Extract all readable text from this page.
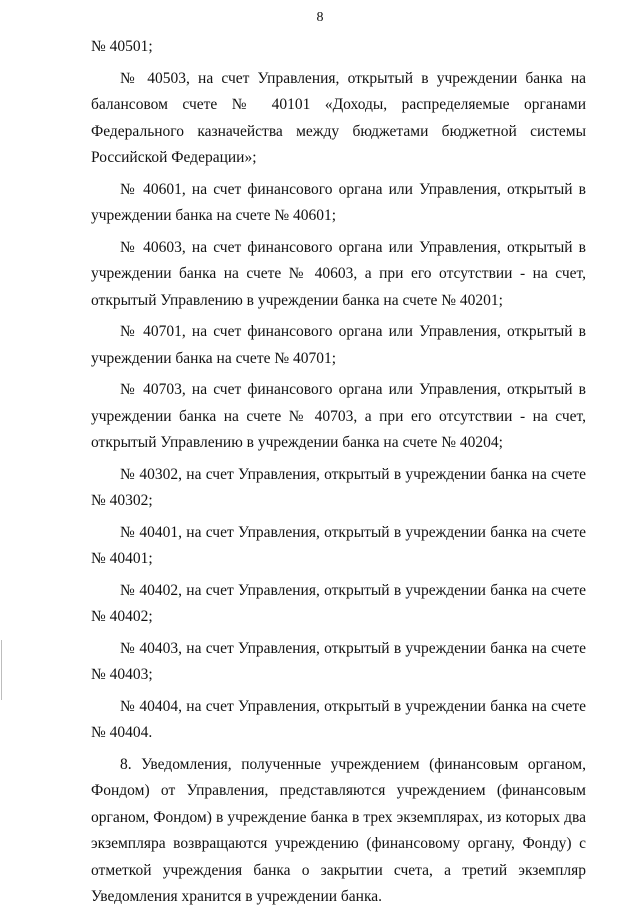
8

№ 40501;

№ 40503, на счет Управления, открытый в учреждении банка на балансовом счете № 40101 «Доходы, распределяемые органами Федерального казначейства между бюджетами бюджетной системы Российской Федерации»;

№ 40601, на счет финансового органа или Управления, открытый в учреждении банка на счете № 40601;

№ 40603, на счет финансового органа или Управления, открытый в учреждении банка на счете № 40603, а при его отсутствии - на счет, открытый Управлению в учреждении банка на счете № 40201;

№ 40701, на счет финансового органа или Управления, открытый в учреждении банка на счете № 40701;

№ 40703, на счет финансового органа или Управления, открытый в учреждении банка на счете № 40703, а при его отсутствии - на счет, открытый Управлению в учреждении банка на счете № 40204;

№ 40302, на счет Управления, открытый в учреждении банка на счете № 40302;

№ 40401, на счет Управления, открытый в учреждении банка на счете № 40401;

№ 40402, на счет Управления, открытый в учреждении банка на счете № 40402;

№ 40403, на счет Управления, открытый в учреждении банка на счете № 40403;

№ 40404, на счет Управления, открытый в учреждении банка на счете № 40404.

8. Уведомления, полученные учреждением (финансовым органом, Фондом) от Управления, представляются учреждением (финансовым органом, Фондом) в учреждение банка в трех экземплярах, из которых два экземпляра возвращаются учреждению (финансовому органу, Фонду) с отметкой учреждения банка о закрытии счета, а третий экземпляр Уведомления хранится в учреждении банка.
